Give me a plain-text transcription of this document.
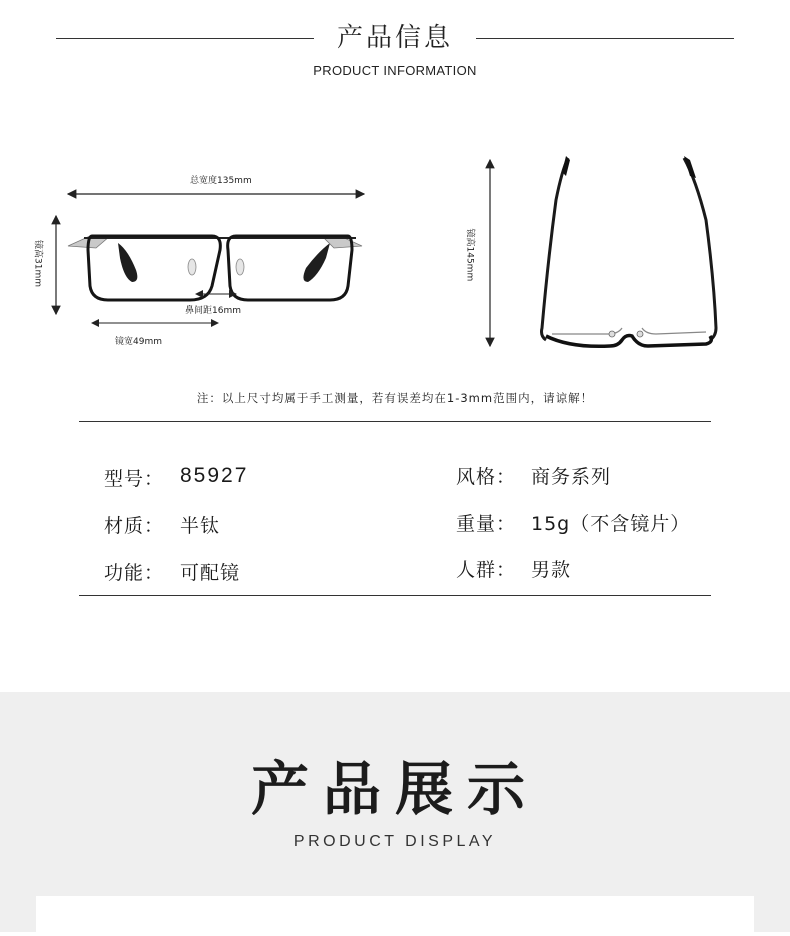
产品信息
PRODUCT INFORMATION
总宽度135mm
镜高31mm
鼻间距16mm
镜宽49mm
镜高145mm
注：以上尺寸均属于手工测量，若有误差均在1-3mm范围内，请谅解！
型号： 85927	风格： 商务系列
材质： 半钛	重量： 15g（不含镜片）
功能： 可配镜	人群： 男款
产品展示
PRODUCT DISPLAY
